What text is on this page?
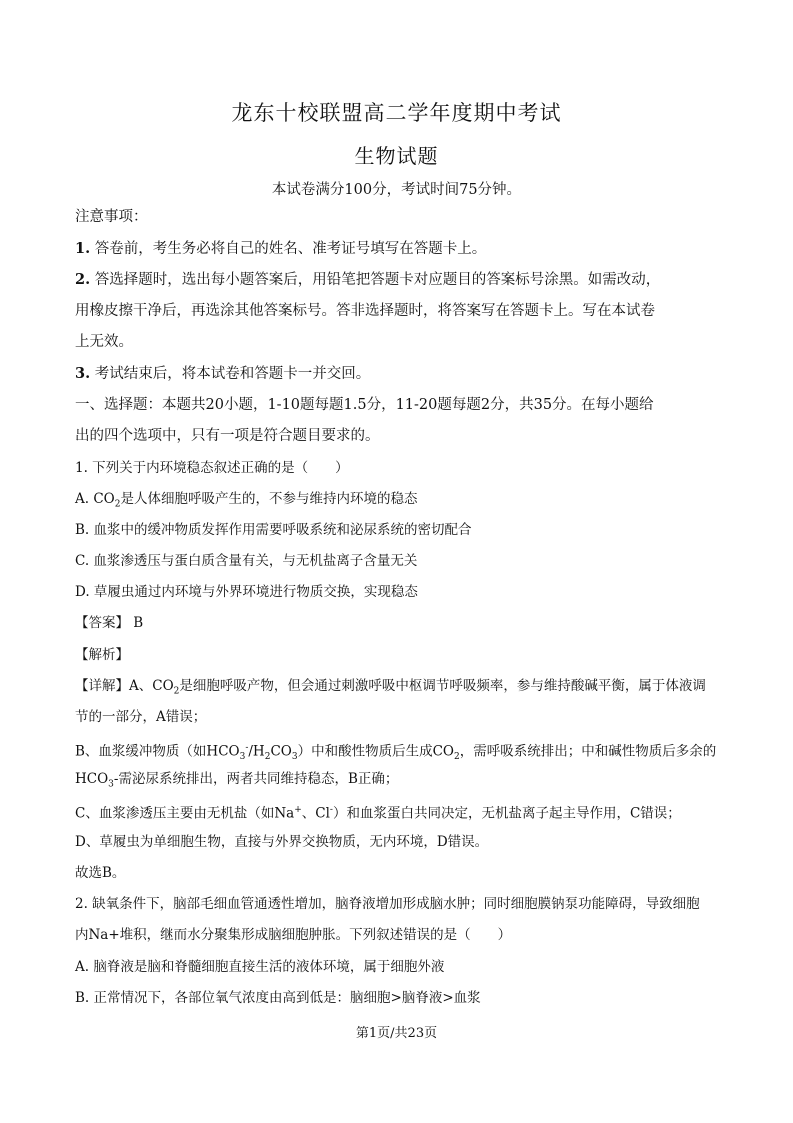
龙东十校联盟高二学年度期中考试
生物试题
本试卷满分100分，考试时间75分钟。
注意事项：
1. 答卷前，考生务必将自己的姓名、准考证号填写在答题卡上。
2. 答选择题时，选出每小题答案后，用铅笔把答题卡对应题目的答案标号涂黑。如需改动，
用橡皮擦干净后，再选涂其他答案标号。答非选择题时，将答案写在答题卡上。写在本试卷
上无效。
3. 考试结束后，将本试卷和答题卡一并交回。
一、选择题：本题共20小题，1-10题每题1.5分，11-20题每题2分，共35分。在每小题给
出的四个选项中，只有一项是符合题目要求的。
1. 下列关于内环境稳态叙述正确的是（　　）
A. $CO_2$是人体细胞呼吸产生的，不参与维持内环境的稳态
B. 血浆中的缓冲物质发挥作用需要呼吸系统和泌尿系统的密切配合
C. 血浆渗透压与蛋白质含量有关，与无机盐离子含量无关
D. 草履虫通过内环境与外界环境进行物质交换，实现稳态
【答案】 B
【解析】
【详解】A、$CO_2$是细胞呼吸产物，但会通过刺激呼吸中枢调节呼吸频率，参与维持酸碱平衡，属于体液调
节的一部分，A错误；
B、血浆缓冲物质（如$HCO_3^-/H_2CO_3$）中和酸性物质后生成$CO_2$，需呼吸系统排出；中和碱性物质后多余的
$HCO_3-$需泌尿系统排出，两者共同维持稳态，B正确；
C、血浆渗透压主要由无机盐（如Na+、Cl-）和血浆蛋白共同决定，无机盐离子起主导作用，C错误；
D、草履虫为单细胞生物，直接与外界交换物质，无内环境，D错误。
故选B。
2. 缺氧条件下，脑部毛细血管通透性增加，脑脊液增加形成脑水肿；同时细胞膜钠泵功能障碍，导致细胞
内Na+堆积，继而水分聚集形成脑细胞肿胀。下列叙述错误的是（　　）
A. 脑脊液是脑和脊髓细胞直接生活的液体环境，属于细胞外液
B. 正常情况下，各部位氧气浓度由高到低是：脑细胞>脑脊液>血浆
第1页/共23页
